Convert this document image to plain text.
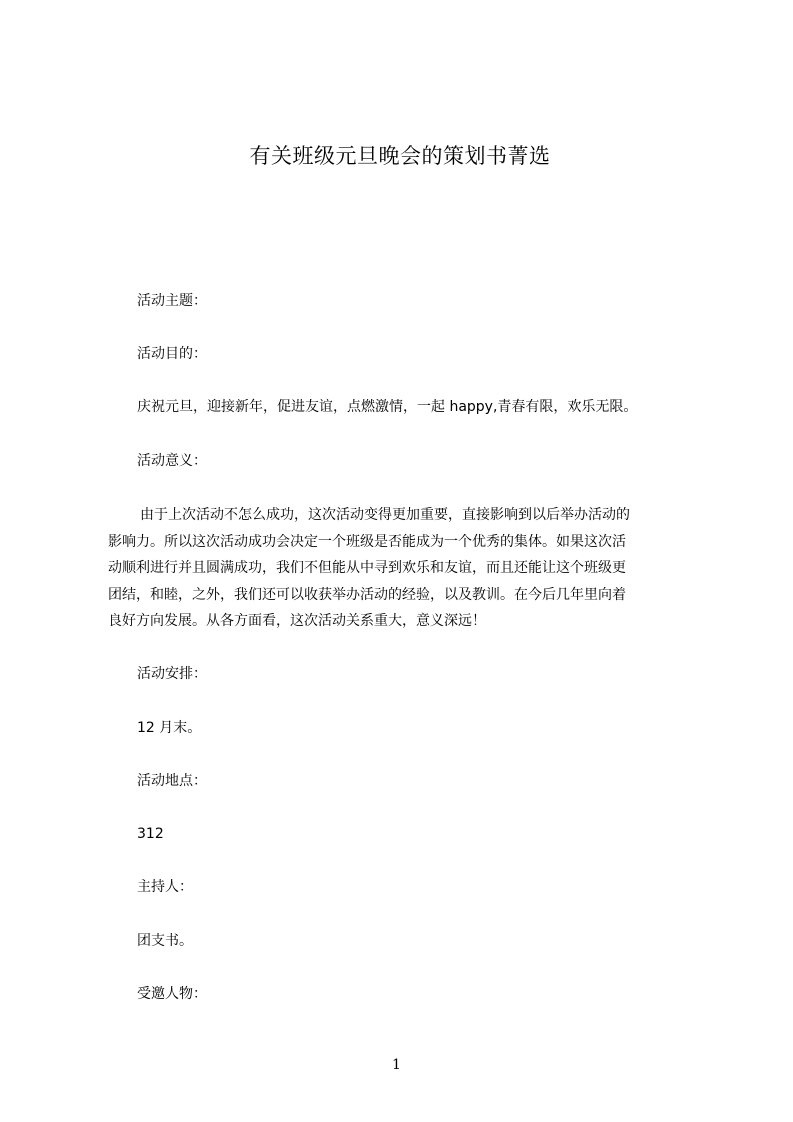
有关班级元旦晚会的策划书菁选
活动主题：
活动目的：
庆祝元旦，迎接新年，促进友谊，点燃激情，一起 happy,青春有限，欢乐无限。
活动意义：
由于上次活动不怎么成功，这次活动变得更加重要，直接影响到以后举办活动的
影响力。所以这次活动成功会决定一个班级是否能成为一个优秀的集体。如果这次活
动顺利进行并且圆满成功，我们不但能从中寻到欢乐和友谊，而且还能让这个班级更
团结，和睦，之外，我们还可以收获举办活动的经验，以及教训。在今后几年里向着
良好方向发展。从各方面看，这次活动关系重大，意义深远！
活动安排：
12 月末。
活动地点：
312
主持人：
团支书。
受邀人物：
1
